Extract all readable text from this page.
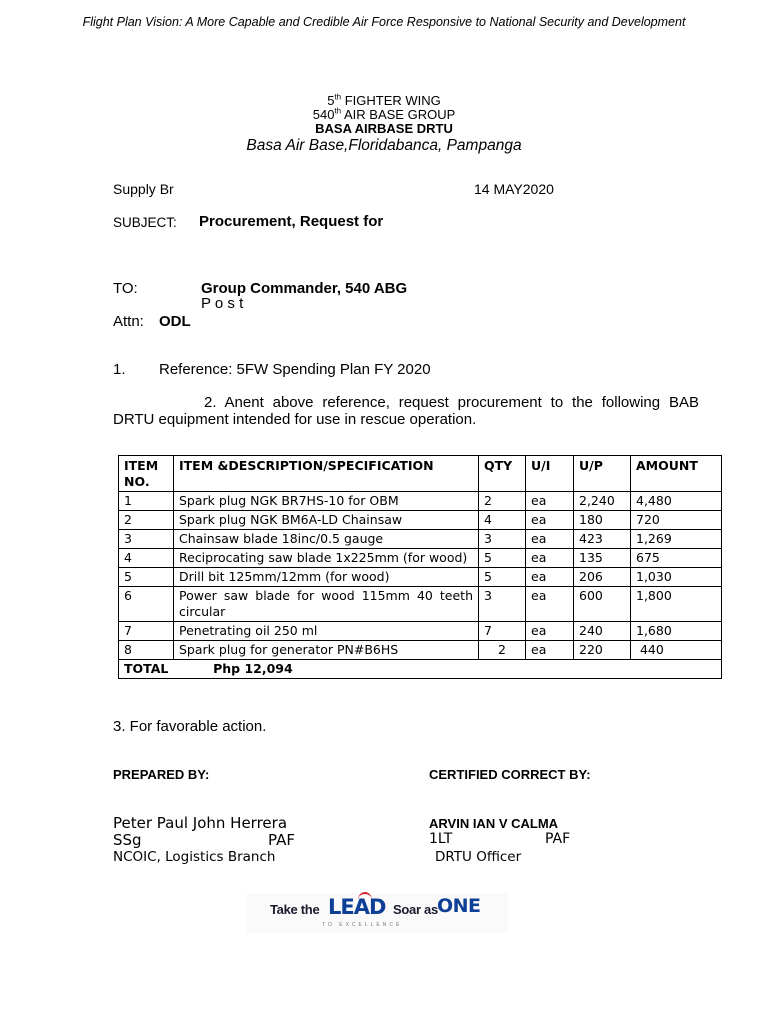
Flight Plan Vision: A More Capable and Credible Air Force Responsive to National Security and Development
5th FIGHTER WING
540th AIR BASE GROUP
BASA AIRBASE DRTU
Basa Air Base,Floridabanca, Pampanga
Supply Br	14 MAY2020
SUBJECT: Procurement, Request for
TO:	Group Commander, 540 ABG
P o s t
Attn: ODL
1. Reference: 5FW Spending Plan FY 2020
2. Anent above reference, request procurement to the following BAB DRTU equipment intended for use in rescue operation.
ITEM
NO.	ITEM &DESCRIPTION/SPECIFICATION	QTY	U/I	U/P	AMOUNT
1	Spark plug NGK BR7HS-10 for OBM	2	ea	2,240	4,480
2	Spark plug NGK BM6A-LD Chainsaw	4	ea	180	720
3	Chainsaw blade 18inc/0.5 gauge	3	ea	423	1,269
4	Reciprocating saw blade 1x225mm (for wood)	5	ea	135	675
5	Drill bit 125mm/12mm (for wood)	5	ea	206	1,030
6	Power saw blade for wood 115mm 40 teeth circular	3	ea	600	1,800
7	Penetrating oil 250 ml	7	ea	240	1,680
8	Spark plug for generator PN#B6HS	2	ea	220	440
TOTAL Php 12,094					
3. For favorable action.
PREPARED BY:	CERTIFIED CORRECT BY:
Peter Paul John Herrera
SSg	PAF
NCOIC, Logistics Branch
ARVIN IAN V CALMA
1LT	PAF
DRTU Officer
Take the LEAD Soar as ONE
TO EXCELLENCE
